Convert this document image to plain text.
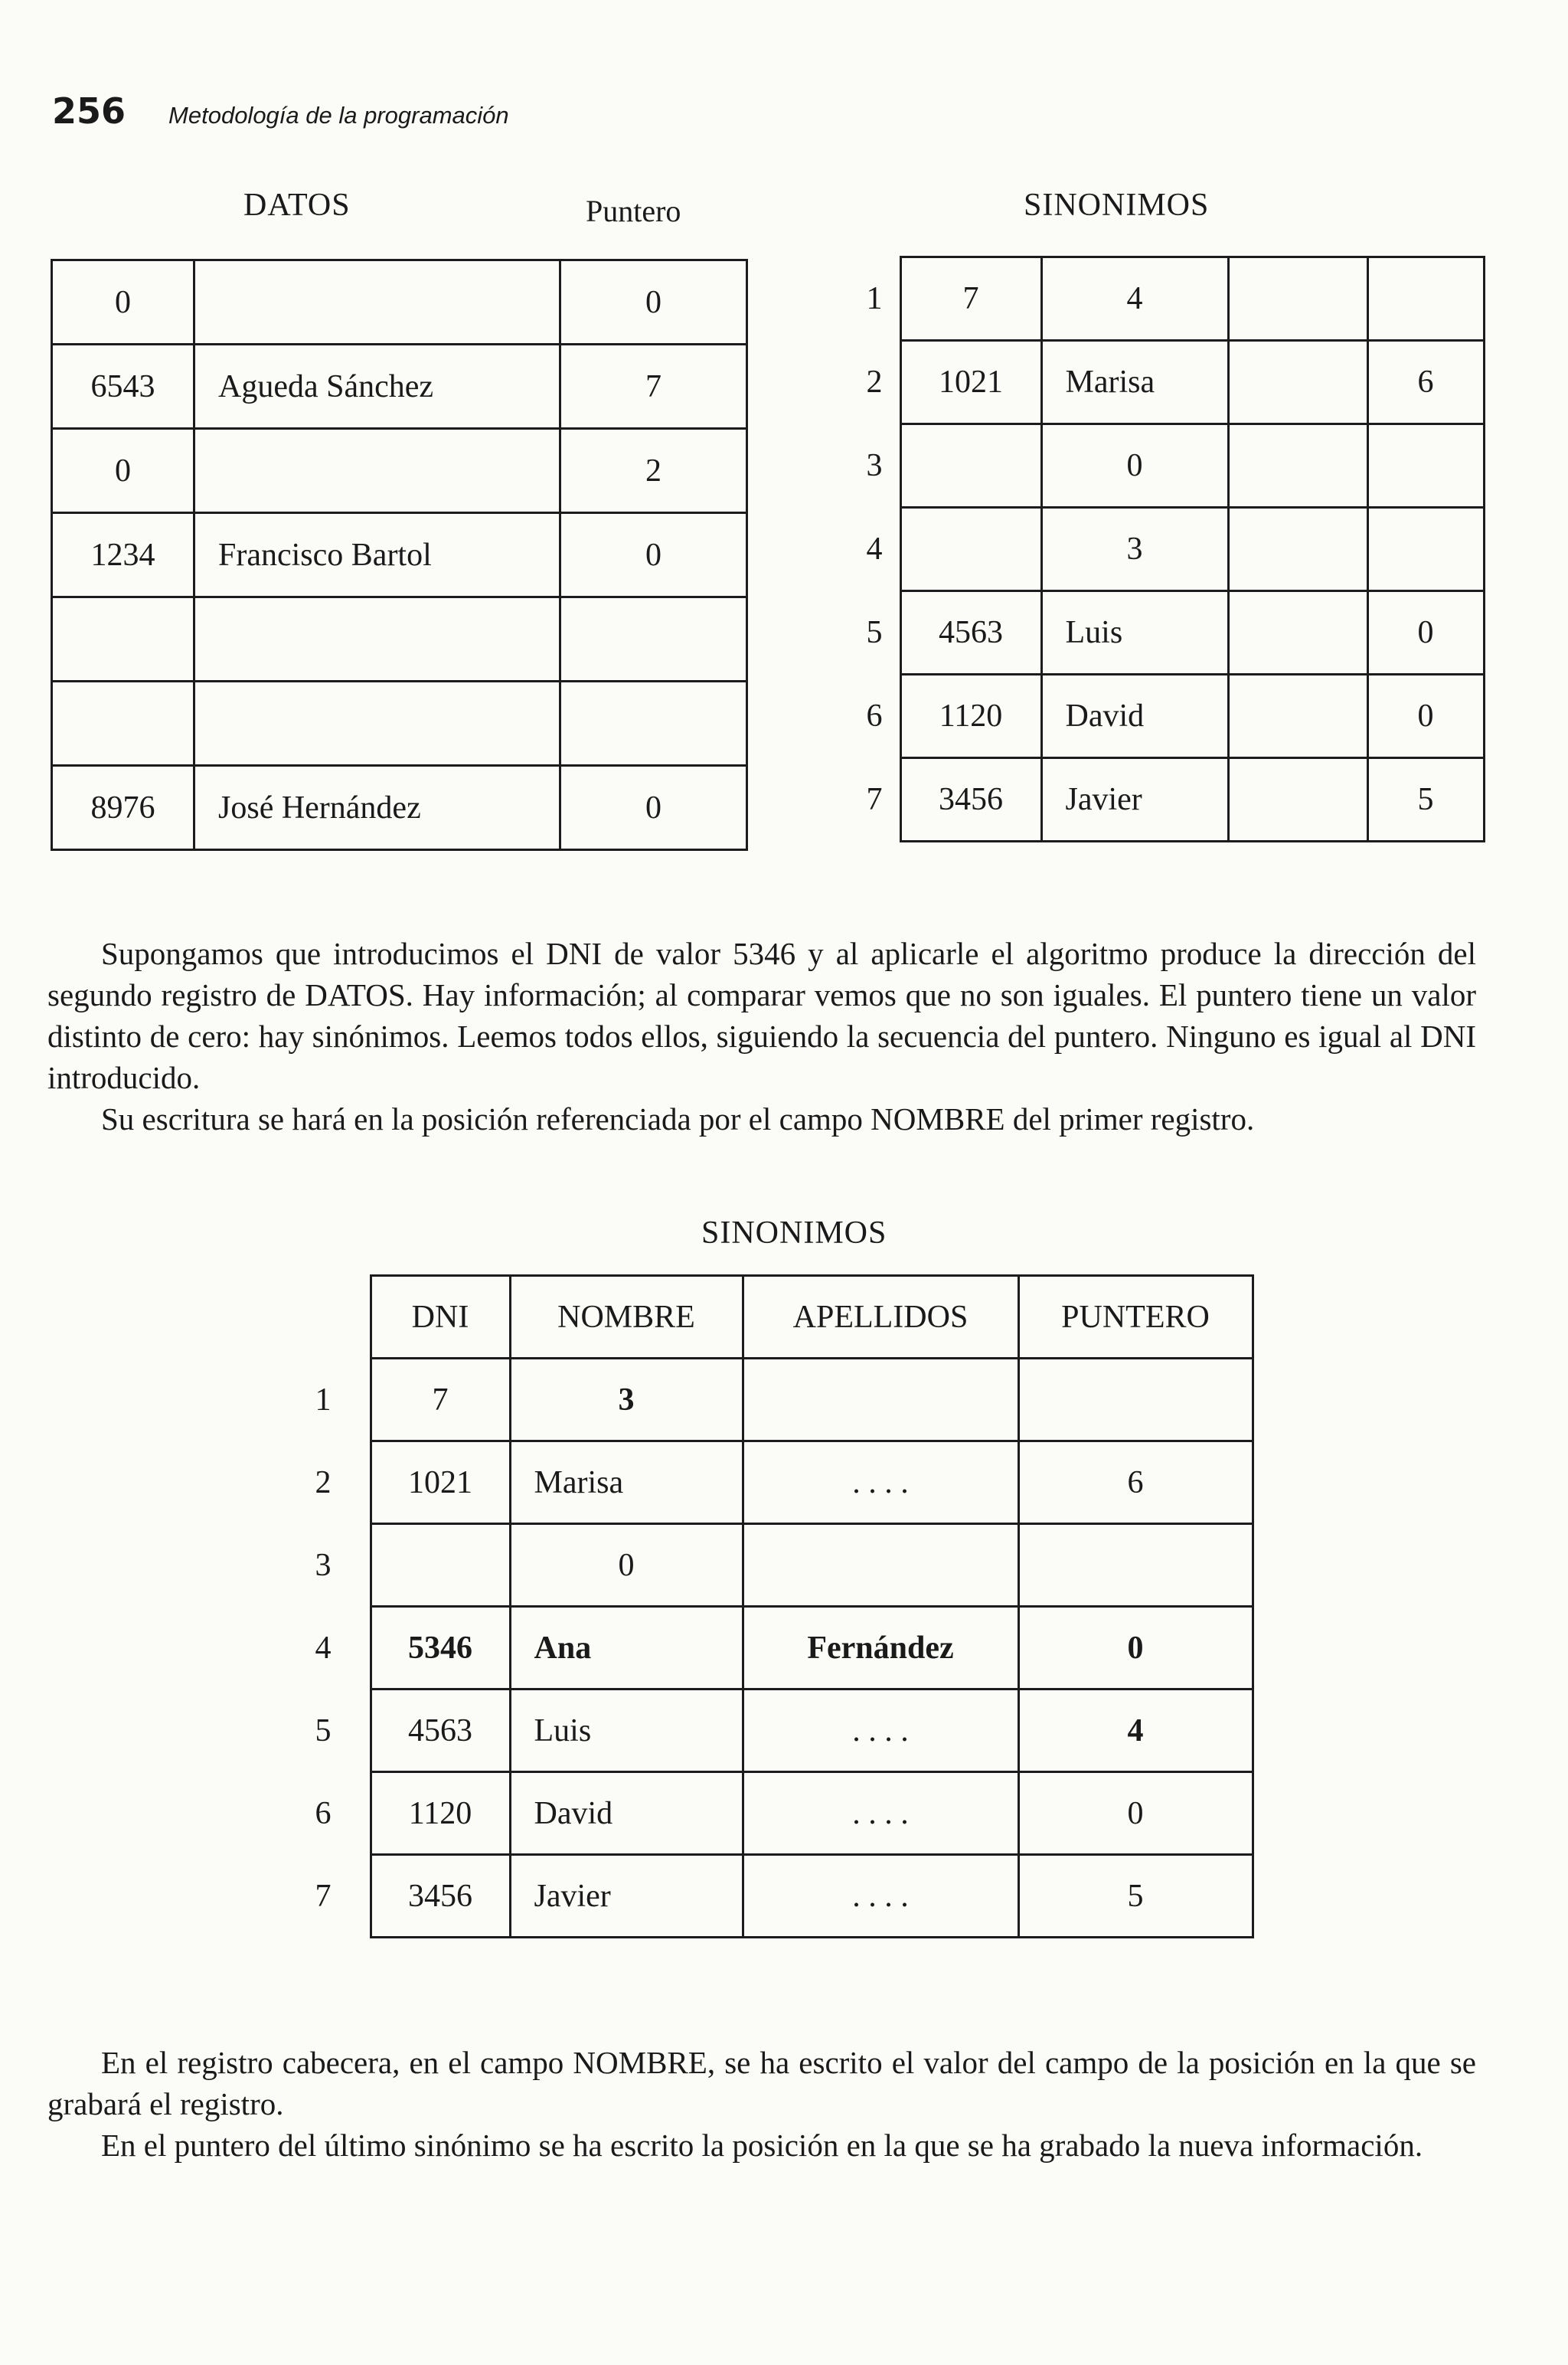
256 Metodología de la programación
DATOS	Puntero	SINONIMOS
0		0
6543	Agueda Sánchez	7
0		2
1234	Francisco Bartol	0

8976	José Hernández	0
1	7	4		
2	1021	Marisa		6
3		0		
4		3		
5	4563	Luis		0
6	1120	David		0
7	3456	Javier		5

Supongamos que introducimos el DNI de valor 5346 y al aplicarle el algoritmo produce la dirección del segundo registro de DATOS. Hay información; al comparar vemos que no son iguales. El puntero tiene un valor distinto de cero: hay sinónimos. Leemos todos ellos, siguiendo la secuencia del puntero. Ninguno es igual al DNI introducido.

Su escritura se hará en la posición referenciada por el campo NOMBRE del primer registro.

SINONIMOS
	DNI	NOMBRE	APELLIDOS	PUNTERO
1	7	3		
2	1021	Marisa	. . . .	6
3		0		
4	5346	Ana	Fernández	0
5	4563	Luis	. . . .	4
6	1120	David	. . . .	0
7	3456	Javier	. . . .	5

En el registro cabecera, en el campo NOMBRE, se ha escrito el valor del campo de la posición en la que se grabará el registro.

En el puntero del último sinónimo se ha escrito la posición en la que se ha grabado la nueva información.
